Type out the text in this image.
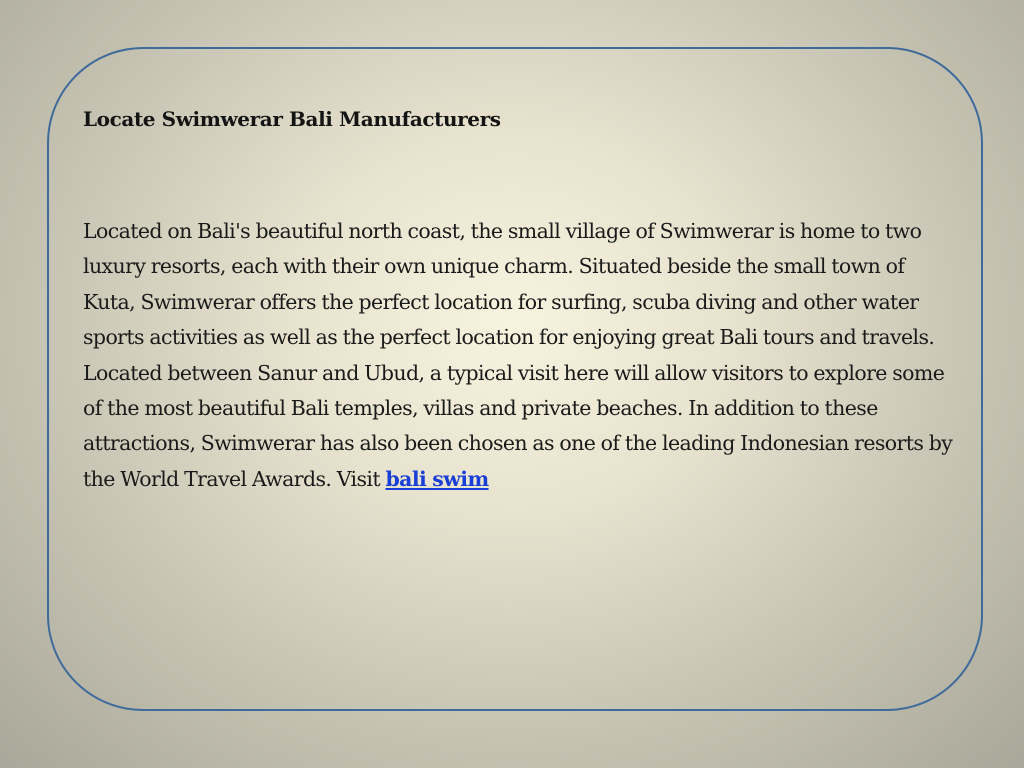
Locate Swimwerar Bali Manufacturers

Located on Bali's beautiful north coast, the small village of Swimwerar is home to two luxury resorts, each with their own unique charm. Situated beside the small town of Kuta, Swimwerar offers the perfect location for surfing, scuba diving and other water sports activities as well as the perfect location for enjoying great Bali tours and travels. Located between Sanur and Ubud, a typical visit here will allow visitors to explore some of the most beautiful Bali temples, villas and private beaches. In addition to these attractions, Swimwerar has also been chosen as one of the leading Indonesian resorts by the World Travel Awards. Visit bali swim
